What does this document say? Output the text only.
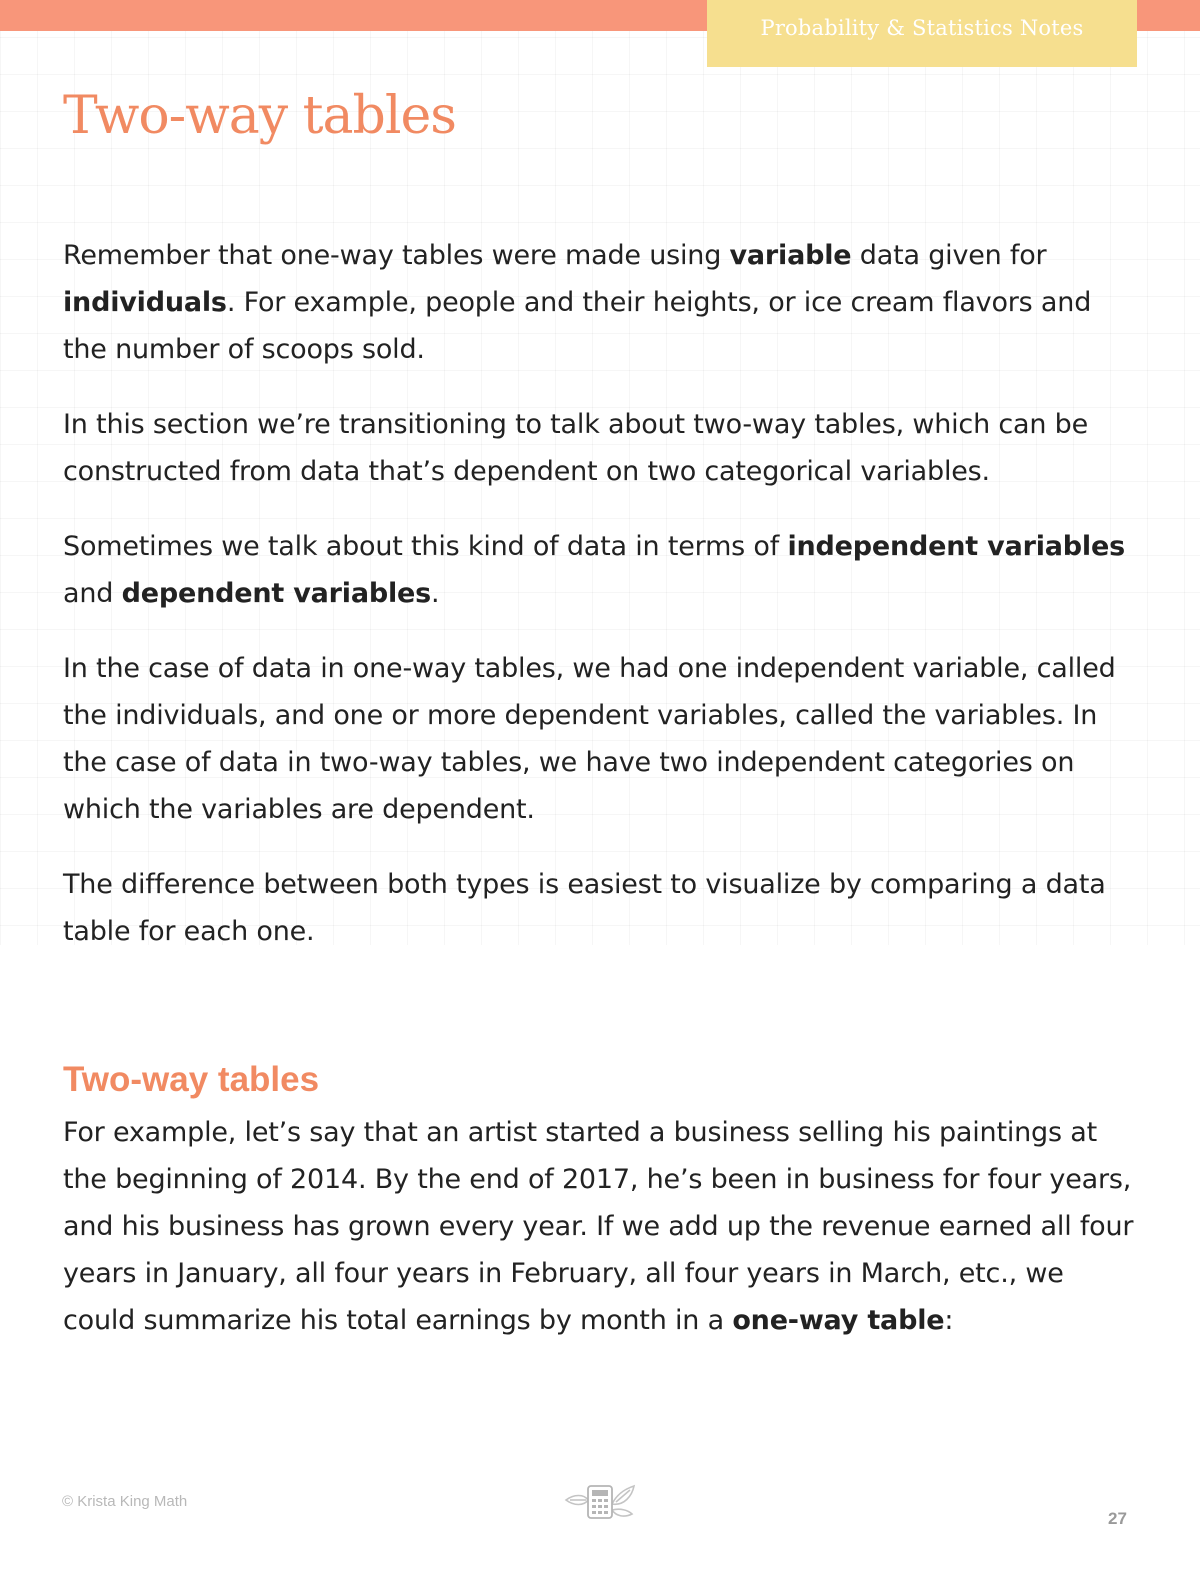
Probability & Statistics Notes
Two-way tables

Remember that one-way tables were made using variable data given for individuals. For example, people and their heights, or ice cream flavors and the number of scoops sold.

In this section we’re transitioning to talk about two-way tables, which can be constructed from data that’s dependent on two categorical variables.

Sometimes we talk about this kind of data in terms of independent variables and dependent variables.

In the case of data in one-way tables, we had one independent variable, called the individuals, and one or more dependent variables, called the variables. In the case of data in two-way tables, we have two independent categories on which the variables are dependent.

The difference between both types is easiest to visualize by comparing a data table for each one.

Two-way tables

For example, let’s say that an artist started a business selling his paintings at the beginning of 2014. By the end of 2017, he’s been in business for four years, and his business has grown every year. If we add up the revenue earned all four years in January, all four years in February, all four years in March, etc., we could summarize his total earnings by month in a one-way table:

© Krista King Math
27
